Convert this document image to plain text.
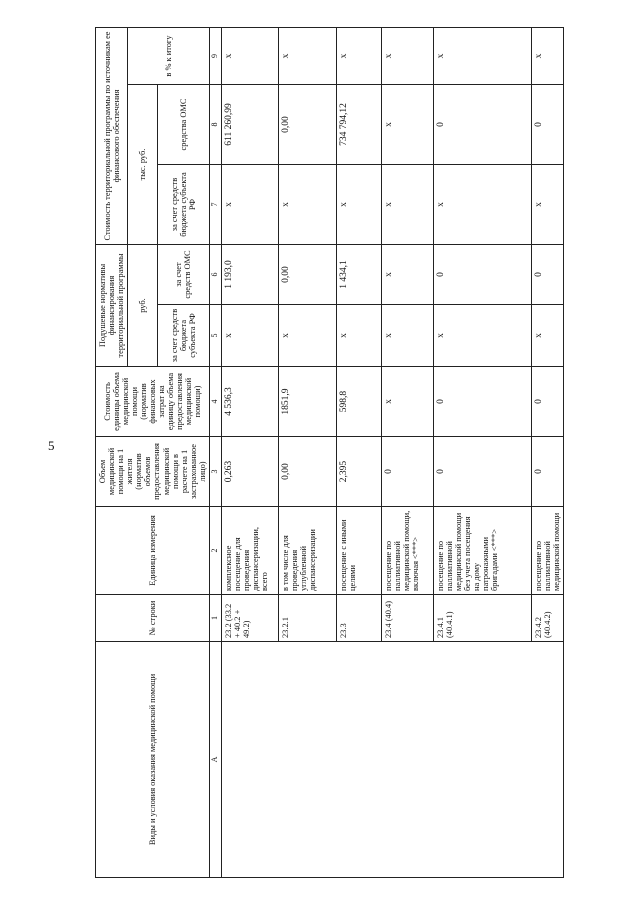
5
Виды и условия оказания медицинской помощи	№ строки	Единица измерения	Объем медицинской помощи на 1 жителя (норматив объемов предоставления медицинской помощи в расчете на 1 застрахованное лицо)	Стоимость единицы объема медицинской помощи (норматив финансовых затрат на единицу объема предоставления медицинской помощи)	Подушевые нормативы финансирования территориальной программы		Стоимость территориальной программы по источникам ее финансового обеспечения		
					руб.		тыс. руб.		в % к итогу
					за счет средств бюджета субъекта РФ	за счет средств ОМС	за счет средств бюджета субъекта РФ	средства ОМС	
А	1	2	3	4	5	6	7	8	9
	23.2 (33.2 + 40.2 + 49.2)	комплексное посещение для проведения диспансеризации, всего	0,263	4 536,3	х	1 193,0	х	611 260,99	х
	23.2.1	в том числе для проведения углубленной диспансеризации	0,00	1851,9	х	0,00	х	0,00	х
	23.3	посещение с иными целями	2,395	598,8	х	1 434,1	х	734 794,12	х
	23.4 (40.4)	посещение по паллиативной медицинской помощи, включая <***>	0	х	х	х	х	х	х
	23.4.1 (40.4.1)	посещение по паллиативной медицинской помощи без учета посещения на дому патронажными бригадами <***>	0	0	х	0	х	0	х
	23.4.2 (40.4.2)	посещение по паллиативной медицинской помощи	0	0	х	0	х	0	х
